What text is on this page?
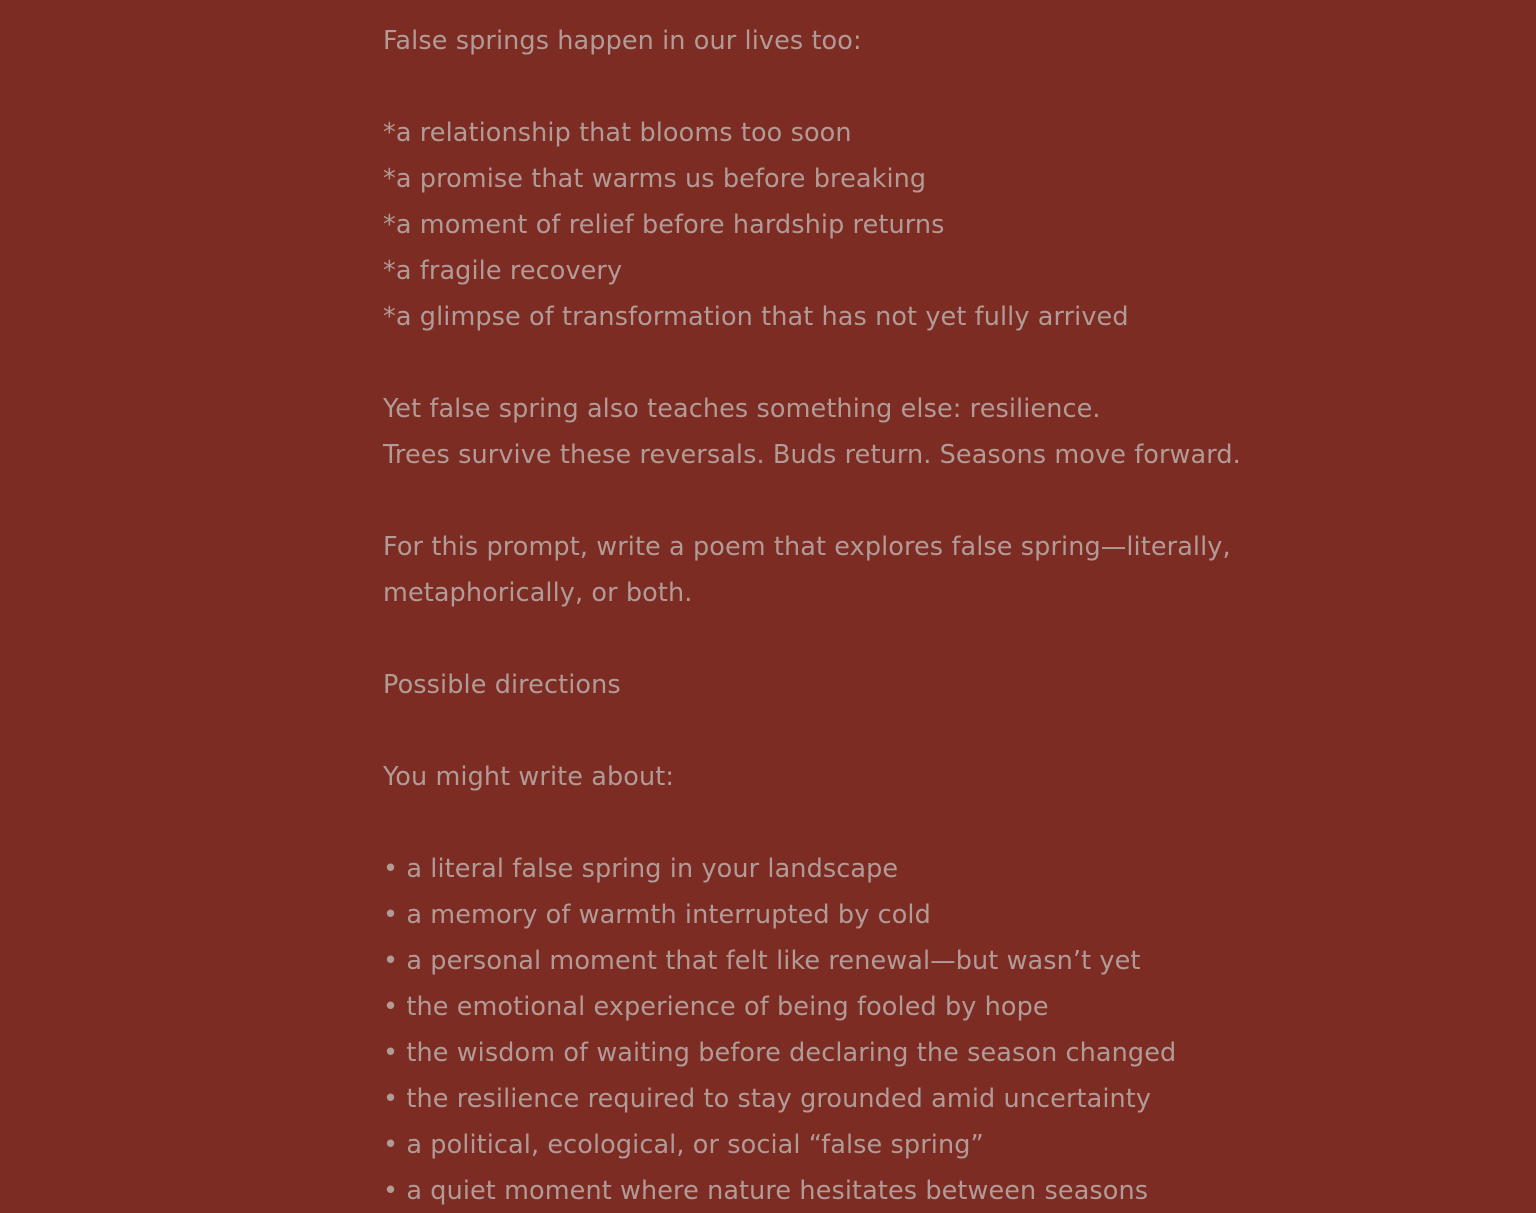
False springs happen in our lives too:
*a relationship that blooms too soon
*a promise that warms us before breaking
*a moment of relief before hardship returns
*a fragile recovery
*a glimpse of transformation that has not yet fully arrived
Yet false spring also teaches something else: resilience.
Trees survive these reversals. Buds return. Seasons move forward.
For this prompt, write a poem that explores false spring—literally,
metaphorically, or both.
Possible directions
You might write about:
• a literal false spring in your landscape
• a memory of warmth interrupted by cold
• a personal moment that felt like renewal—but wasn’t yet
• the emotional experience of being fooled by hope
• the wisdom of waiting before declaring the season changed
• the resilience required to stay grounded amid uncertainty
• a political, ecological, or social “false spring”
• a quiet moment where nature hesitates between seasons
